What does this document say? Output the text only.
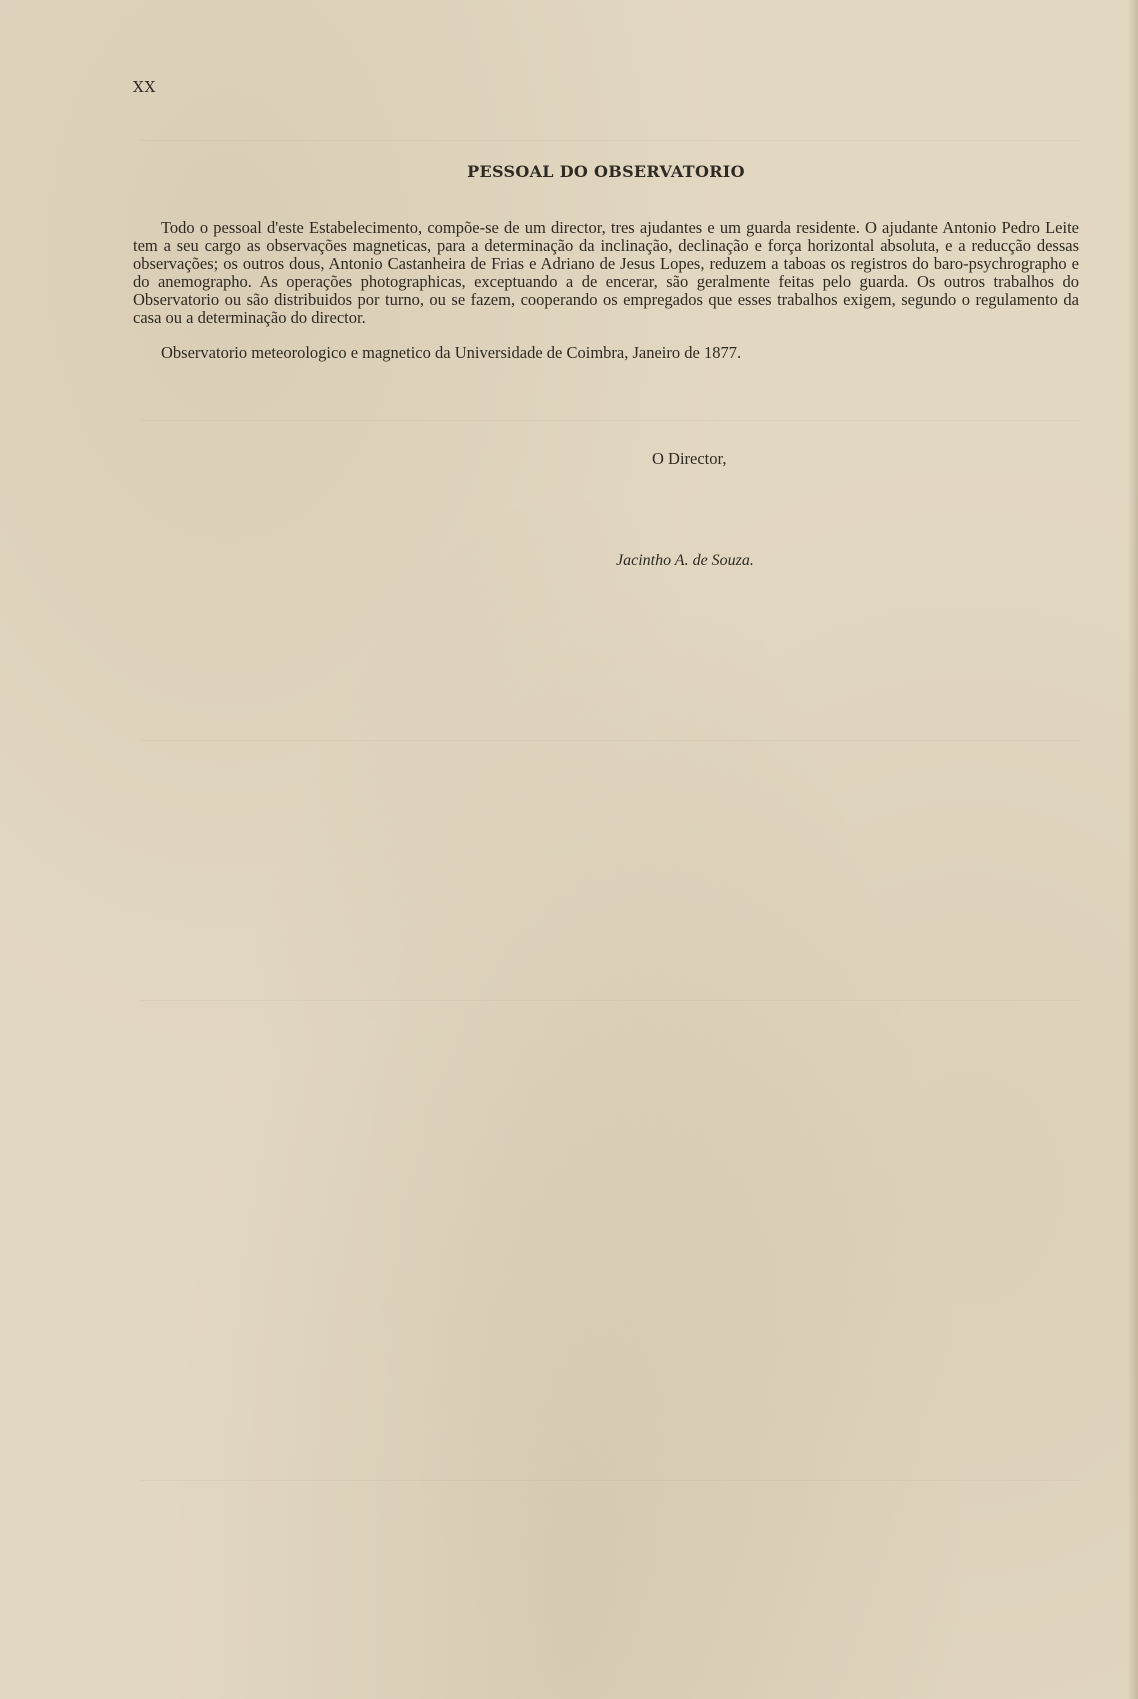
XX
PESSOAL DO OBSERVATORIO
Todo o pessoal d'este Estabelecimento, compõe-se de um director, tres ajudantes e um guarda residente. O ajudante Antonio Pedro Leite tem a seu cargo as observações magneticas, para a determinação da inclinação, declinação e força horizontal absoluta, e a reducção dessas observações; os outros dous, Antonio Castanheira de Frias e Adriano de Jesus Lopes, reduzem a taboas os registros do baro-psychrographo e do anemographo. As operações photographicas, exceptuando a de encerar, são geralmente feitas pelo guarda. Os outros trabalhos do Observatorio ou são distribuidos por turno, ou se fazem, cooperando os empregados que esses trabalhos exigem, segundo o regulamento da casa ou a determinação do director.
Observatorio meteorologico e magnetico da Universidade de Coimbra, Janeiro de 1877.
O Director,
Jacintho A. de Souza.
